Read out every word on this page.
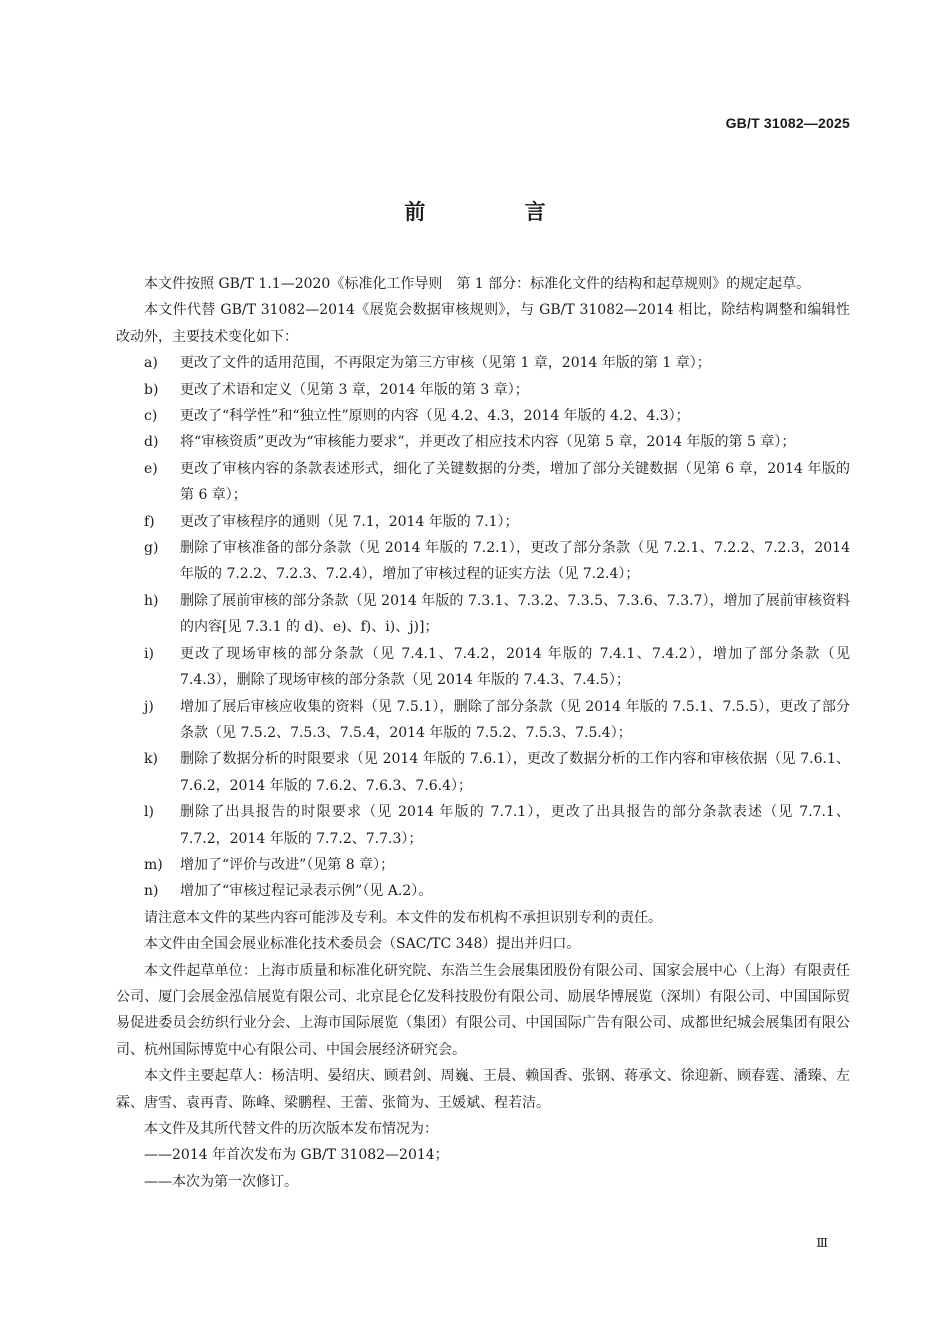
GB/T 31082—2025
前 言

本文件按照 GB/T 1.1—2020《标准化工作导则　第 1 部分：标准化文件的结构和起草规则》的规定起草。

本文件代替 GB/T 31082—2014《展览会数据审核规则》，与 GB/T 31082—2014 相比，除结构调整和编辑性改动外，主要技术变化如下：

a)	更改了文件的适用范围，不再限定为第三方审核（见第 1 章，2014 年版的第 1 章）；

b)	更改了术语和定义（见第 3 章，2014 年版的第 3 章）；

c)	更改了“科学性”和“独立性”原则的内容（见 4.2、4.3，2014 年版的 4.2、4.3）；

d)	将“审核资质”更改为“审核能力要求”，并更改了相应技术内容（见第 5 章，2014 年版的第 5 章）；

e)	更改了审核内容的条款表述形式，细化了关键数据的分类，增加了部分关键数据（见第 6 章，2014 年版的第 6 章）；

f)	更改了审核程序的通则（见 7.1，2014 年版的 7.1）；

g)	删除了审核准备的部分条款（见 2014 年版的 7.2.1），更改了部分条款（见 7.2.1、7.2.2、7.2.3，2014 年版的 7.2.2、7.2.3、7.2.4），增加了审核过程的证实方法（见 7.2.4）；

h)	删除了展前审核的部分条款（见 2014 年版的 7.3.1、7.3.2、7.3.5、7.3.6、7.3.7），增加了展前审核资料的内容[见 7.3.1 的 d)、e)、f)、i)、j)]；

i)	更改了现场审核的部分条款（见 7.4.1、7.4.2，2014 年版的 7.4.1、7.4.2），增加了部分条款（见 7.4.3），删除了现场审核的部分条款（见 2014 年版的 7.4.3、7.4.5）；

j)	增加了展后审核应收集的资料（见 7.5.1），删除了部分条款（见 2014 年版的 7.5.1、7.5.5），更改了部分条款（见 7.5.2、7.5.3、7.5.4，2014 年版的 7.5.2、7.5.3、7.5.4）；

k)	删除了数据分析的时限要求（见 2014 年版的 7.6.1），更改了数据分析的工作内容和审核依据（见 7.6.1、7.6.2，2014 年版的 7.6.2、7.6.3、7.6.4）；

l)	删除了出具报告的时限要求（见 2014 年版的 7.7.1），更改了出具报告的部分条款表述（见 7.7.1、7.7.2，2014 年版的 7.7.2、7.7.3）；

m)	增加了“评价与改进”（见第 8 章）；

n)	增加了“审核过程记录表示例”（见 A.2）。

请注意本文件的某些内容可能涉及专利。本文件的发布机构不承担识别专利的责任。

本文件由全国会展业标准化技术委员会（SAC/TC 348）提出并归口。

本文件起草单位：上海市质量和标准化研究院、东浩兰生会展集团股份有限公司、国家会展中心（上海）有限责任公司、厦门会展金泓信展览有限公司、北京昆仑亿发科技股份有限公司、励展华博展览（深圳）有限公司、中国国际贸易促进委员会纺织行业分会、上海市国际展览（集团）有限公司、中国国际广告有限公司、成都世纪城会展集团有限公司、杭州国际博览中心有限公司、中国会展经济研究会。

本文件主要起草人：杨洁明、晏绍庆、顾君剑、周巍、王晨、赖国香、张钢、蒋承文、徐迎新、顾春霆、潘臻、左霖、唐雪、袁再青、陈峰、梁鹏程、王蕾、张简为、王媛斌、程若洁。

本文件及其所代替文件的历次版本发布情况为：

——2014 年首次发布为 GB/T 31082—2014；

——本次为第一次修订。

Ⅲ
